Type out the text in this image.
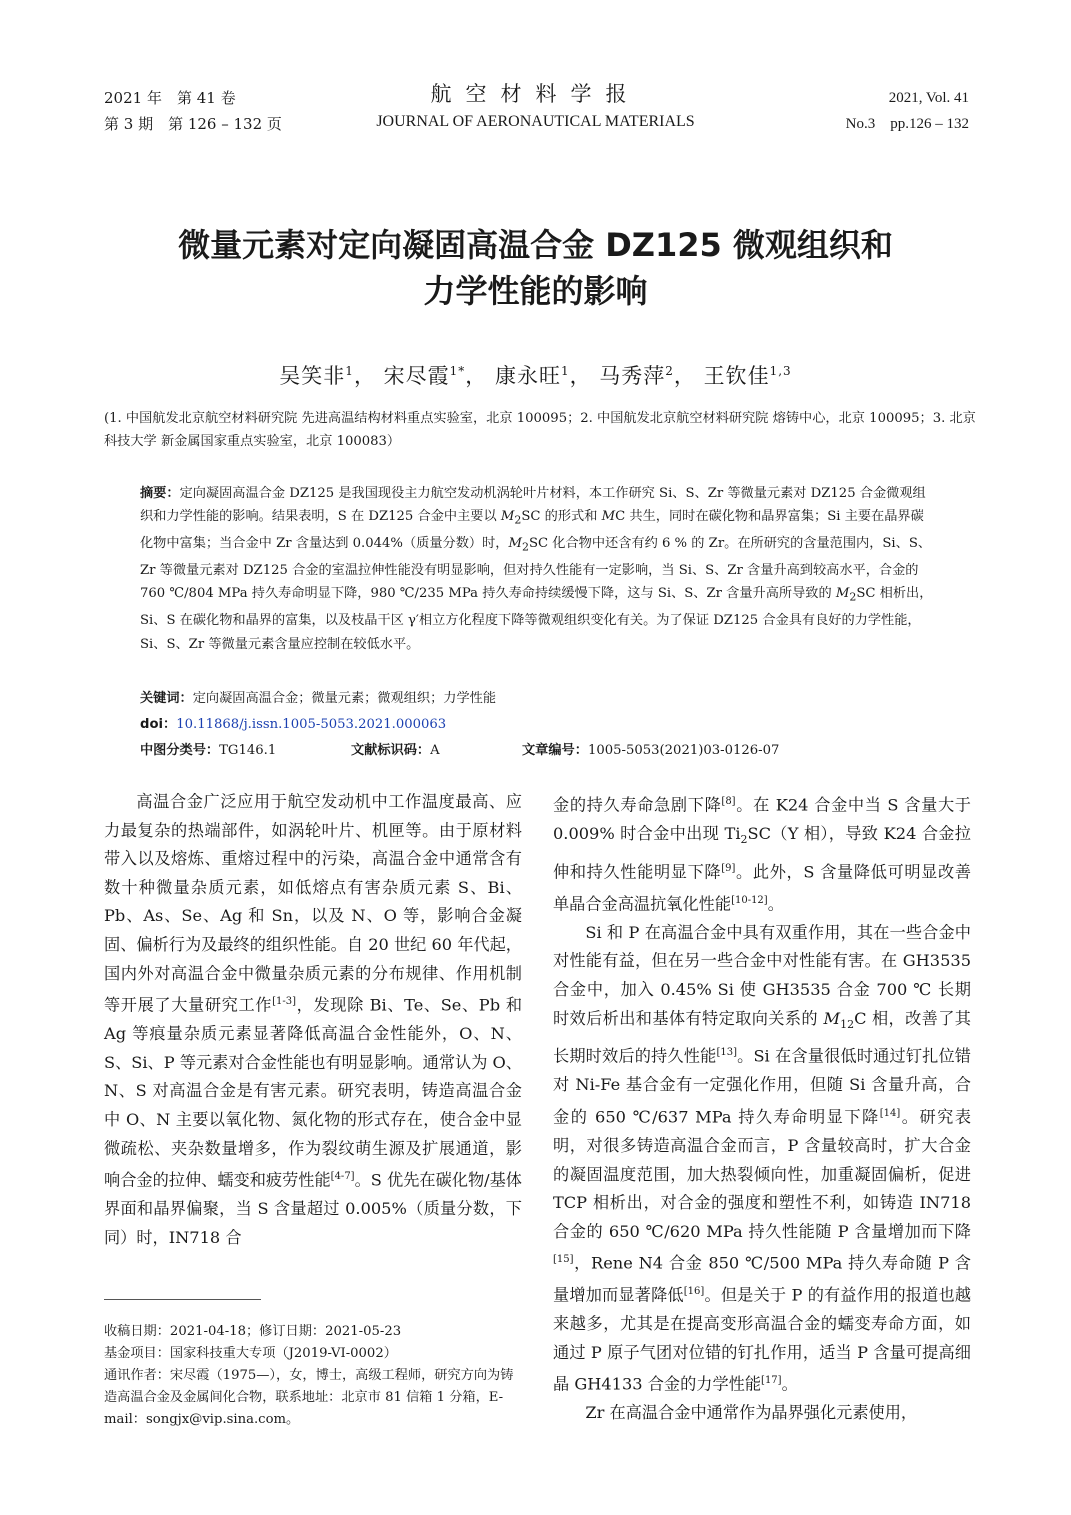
2021 年　第 41 卷
第 3 期　第 126 – 132 页
航空材料学报
JOURNAL OF AERONAUTICAL MATERIALS
2021, Vol. 41
No.3　pp.126 – 132
微量元素对定向凝固高温合金 DZ125 微观组织和
力学性能的影响
吴笑非$^1$， 宋尽霞$^{1*}$， 康永旺$^1$， 马秀萍$^2$， 王钦佳$^{1,3}$
(1. 中国航发北京航空材料研究院 先进高温结构材料重点实验室，北京 100095；2. 中国航发北京航空材料研究院 熔铸中心，北京 100095；3. 北京科技大学 新金属国家重点实验室，北京 100083）
摘要：定向凝固高温合金 DZ125 是我国现役主力航空发动机涡轮叶片材料，本工作研究 Si、S、Zr 等微量元素对 DZ125 合金微观组织和力学性能的影响。结果表明，S 在 DZ125 合金中主要以 $M_2SC$ 的形式和 MC 共生，同时在碳化物和晶界富集；Si 主要在晶界碳化物中富集；当合金中 Zr 含量达到 0.044%（质量分数）时，$M_2SC$ 化合物中还含有约 6 % 的 Zr。在所研究的含量范围内，Si、S、Zr 等微量元素对 DZ125 合金的室温拉伸性能没有明显影响，但对持久性能有一定影响，当 Si、S、Zr 含量升高到较高水平，合金的 760 ℃/804 MPa 持久寿命明显下降，980 ℃/235 MPa 持久寿命持续缓慢下降，这与 Si、S、Zr 含量升高所导致的 $M_2SC$ 相析出，Si、S 在碳化物和晶界的富集，以及枝晶干区 γ′相立方化程度下降等微观组织变化有关。为了保证 DZ125 合金具有良好的力学性能，Si、S、Zr 等微量元素含量应控制在较低水平。
关键词：定向凝固高温合金；微量元素；微观组织；力学性能
doi：10.11868/j.issn.1005-5053.2021.000063
中图分类号：TG146.1	文献标识码：A	文章编号：1005-5053(2021)03-0126-07

高温合金广泛应用于航空发动机中工作温度最高、应力最复杂的热端部件，如涡轮叶片、机匣等。由于原材料带入以及熔炼、重熔过程中的污染，高温合金中通常含有数十种微量杂质元素，如低熔点有害杂质元素 S、Bi、Pb、As、Se、Ag 和 Sn，以及 N、O 等，影响合金凝固、偏析行为及最终的组织性能。自 20 世纪 60 年代起，国内外对高温合金中微量杂质元素的分布规律、作用机制等开展了大量研究工作[1-3]，发现除 Bi、Te、Se、Pb 和 Ag 等痕量杂质元素显著降低高温合金性能外，O、N、S、Si、P 等元素对合金性能也有明显影响。通常认为 O、N、S 对高温合金是有害元素。研究表明，铸造高温合金中 O、N 主要以氧化物、氮化物的形式存在，使合金中显微疏松、夹杂数量增多，作为裂纹萌生源及扩展通道，影响合金的拉伸、蠕变和疲劳性能[4-7]。S 优先在碳化物/基体界面和晶界偏聚，当 S 含量超过 0.005%（质量分数，下同）时，IN718 合

金的持久寿命急剧下降[8]。在 K24 合金中当 S 含量大于 0.009% 时合金中出现 $Ti_2SC(Y$ 相），导致 K24 合金拉伸和持久性能明显下降[9]。此外，S 含量降低可明显改善单晶合金高温抗氧化性能[10-12]。

Si 和 P 在高温合金中具有双重作用，其在一些合金中对性能有益，但在另一些合金中对性能有害。在 GH3535 合金中，加入 0.45% Si 使 GH3535 合金 700 ℃ 长期时效后析出和基体有特定取向关系的 $M_{12}C$ 相，改善了其长期时效后的持久性能[13]。Si 在含量很低时通过钉扎位错对 Ni-Fe 基合金有一定强化作用，但随 Si 含量升高，合金的 650 ℃/637 MPa 持久寿命明显下降[14]。研究表明，对很多铸造高温合金而言，P 含量较高时，扩大合金的凝固温度范围，加大热裂倾向性，加重凝固偏析，促进 TCP 相析出，对合金的强度和塑性不利，如铸造 IN718 合金的 650 ℃/620 MPa 持久性能随 P 含量增加而下降[15]，Rene N4 合金 850 ℃/500 MPa 持久寿命随 P 含量增加而显著降低[16]。但是关于 P 的有益作用的报道也越来越多，尤其是在提高变形高温合金的蠕变寿命方面，如通过 P 原子气团对位错的钉扎作用，适当 P 含量可提高细晶 GH4133 合金的力学性能[17]。

Zr 在高温合金中通常作为晶界强化元素使用，

收稿日期：2021-04-18；修订日期：2021-05-23

基金项目：国家科技重大专项（J2019-VI-0002）

通讯作者：宋尽霞（1975—），女，博士，高级工程师，研究方向为铸造高温合金及金属间化合物，联系地址：北京市 81 信箱 1 分箱，E-mail：songjx@vip.sina.com。
